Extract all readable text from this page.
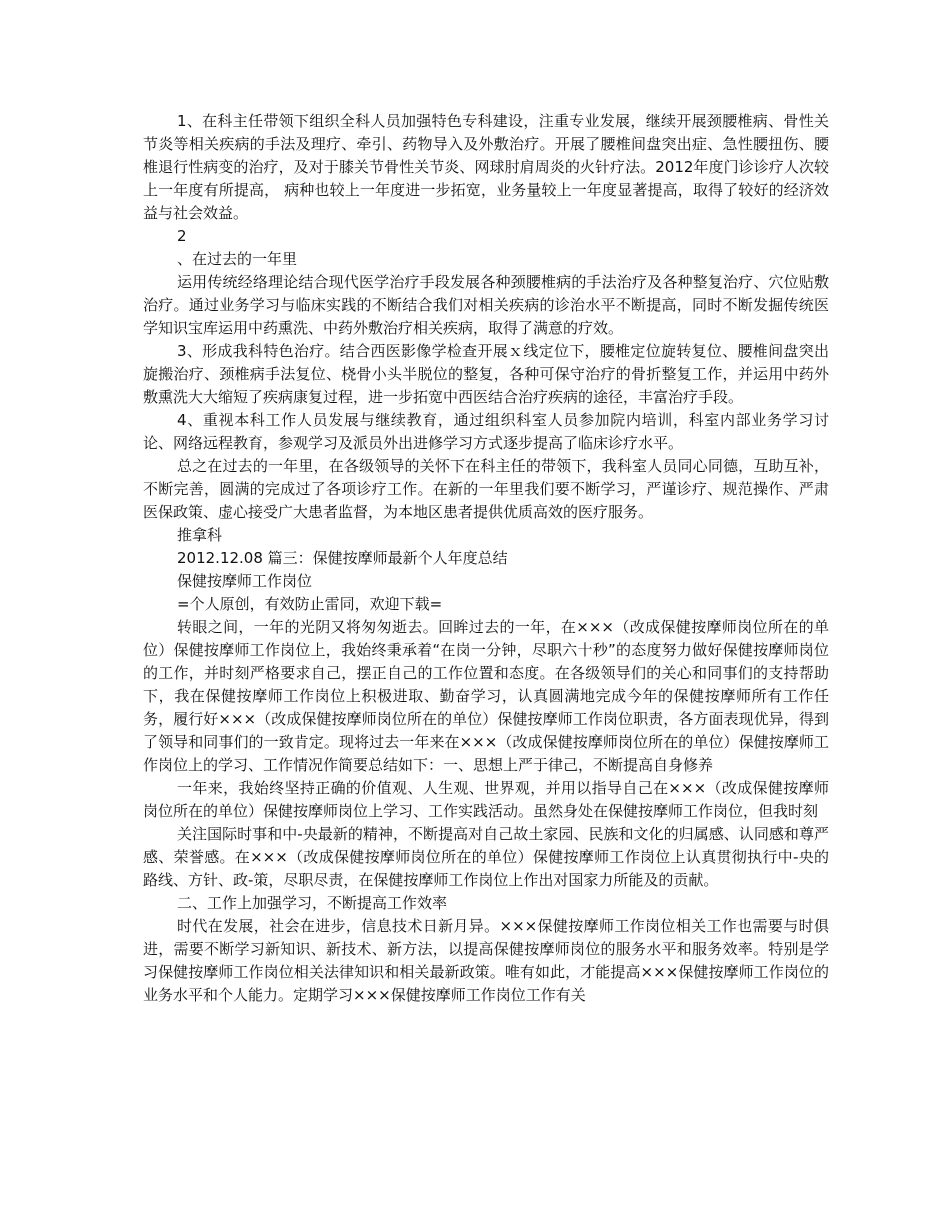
1、在科主任带领下组织全科人员加强特色专科建设，注重专业发展，继续开展颈腰椎病、骨性关节炎等相关疾病的手法及理疗、牵引、药物导入及外敷治疗。开展了腰椎间盘突出症、急性腰扭伤、腰椎退行性病变的治疗，及对于膝关节骨性关节炎、网球肘肩周炎的火针疗法。2012年度门诊诊疗人次较上一年度有所提高， 病种也较上一年度进一步拓宽，业务量较上一年度显著提高，取得了较好的经济效益与社会效益。

2

、在过去的一年里

运用传统经络理论结合现代医学治疗手段发展各种颈腰椎病的手法治疗及各种整复治疗、穴位贴敷治疗。通过业务学习与临床实践的不断结合我们对相关疾病的诊治水平不断提高，同时不断发掘传统医学知识宝库运用中药熏洗、中药外敷治疗相关疾病，取得了满意的疗效。

3、形成我科特色治疗。结合西医影像学检查开展ｘ线定位下，腰椎定位旋转复位、腰椎间盘突出旋搬治疗、颈椎病手法复位、桡骨小头半脱位的整复，各种可保守治疗的骨折整复工作，并运用中药外敷熏洗大大缩短了疾病康复过程，进一步拓宽中西医结合治疗疾病的途径，丰富治疗手段。

4、重视本科工作人员发展与继续教育，通过组织科室人员参加院内培训，科室内部业务学习讨论、网络远程教育，参观学习及派员外出进修学习方式逐步提高了临床诊疗水平。

总之在过去的一年里，在各级领导的关怀下在科主任的带领下，我科室人员同心同德，互助互补，不断完善，圆满的完成过了各项诊疗工作。在新的一年里我们要不断学习，严谨诊疗、规范操作、严肃医保政策、虚心接受广大患者监督，为本地区患者提供优质高效的医疗服务。

推拿科

2012.12.08 篇三：保健按摩师最新个人年度总结

保健按摩师工作岗位

=个人原创，有效防止雷同，欢迎下载=

转眼之间，一年的光阴又将匆匆逝去。回眸过去的一年，在×××（改成保健按摩师岗位所在的单位）保健按摩师工作岗位上，我始终秉承着“在岗一分钟，尽职六十秒”的态度努力做好保健按摩师岗位的工作，并时刻严格要求自己，摆正自己的工作位置和态度。在各级领导们的关心和同事们的支持帮助下，我在保健按摩师工作岗位上积极进取、勤奋学习，认真圆满地完成今年的保健按摩师所有工作任务，履行好×××（改成保健按摩师岗位所在的单位）保健按摩师工作岗位职责，各方面表现优异，得到了领导和同事们的一致肯定。现将过去一年来在×××（改成保健按摩师岗位所在的单位）保健按摩师工作岗位上的学习、工作情况作简要总结如下：一、思想上严于律己，不断提高自身修养

一年来，我始终坚持正确的价值观、人生观、世界观，并用以指导自己在×××（改成保健按摩师岗位所在的单位）保健按摩师岗位上学习、工作实践活动。虽然身处在保健按摩师工作岗位，但我时刻

关注国际时事和中-央最新的精神，不断提高对自己故土家园、民族和文化的归属感、认同感和尊严感、荣誉感。在×××（改成保健按摩师岗位所在的单位）保健按摩师工作岗位上认真贯彻执行中-央的路线、方针、政-策，尽职尽责，在保健按摩师工作岗位上作出对国家力所能及的贡献。

二、工作上加强学习，不断提高工作效率

时代在发展，社会在进步，信息技术日新月异。×××保健按摩师工作岗位相关工作也需要与时俱进，需要不断学习新知识、新技术、新方法，以提高保健按摩师岗位的服务水平和服务效率。特别是学习保健按摩师工作岗位相关法律知识和相关最新政策。唯有如此，才能提高×××保健按摩师工作岗位的业务水平和个人能力。定期学习×××保健按摩师工作岗位工作有关
